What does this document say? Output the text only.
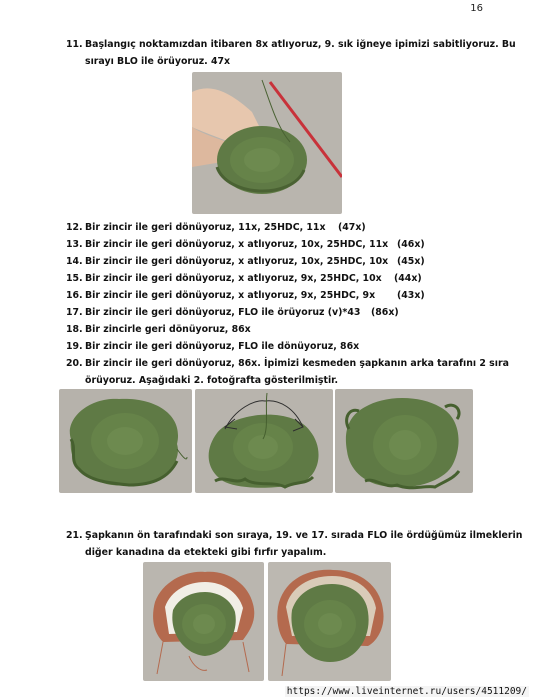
16
11. Başlangıç noktamızdan itibaren 8x atlıyoruz, 9. sık iğneye ipimizi sabitliyoruz. Bu
sırayı BLO ile örüyoruz. 47x
12. Bir zincir ile geri dönüyoruz, 11x, 25HDC, 11x (47x)
13. Bir zincir ile geri dönüyoruz, x atlıyoruz, 10x, 25HDC, 11x (46x)
14. Bir zincir ile geri dönüyoruz, x atlıyoruz, 10x, 25HDC, 10x (45x)
15. Bir zincir ile geri dönüyoruz, x atlıyoruz, 9x, 25HDC, 10x (44x)
16. Bir zincir ile geri dönüyoruz, x atlıyoruz, 9x, 25HDC, 9x (43x)
17. Bir zincir ile geri dönüyoruz, FLO ile örüyoruz (v)*43 (86x)
18. Bir zincirle geri dönüyoruz, 86x
19. Bir zincir ile geri dönüyoruz, FLO ile dönüyoruz, 86x
20. Bir zincir ile geri dönüyoruz, 86x. İpimizi kesmeden şapkanın arka tarafını 2 sıra
örüyoruz. Aşağıdaki 2. fotoğrafta gösterilmiştir.
21. Şapkanın ön tarafındaki son sıraya, 19. ve 17. sırada FLO ile ördüğümüz ilmeklerin
diğer kanadına da etekteki gibi fırfır yapalım.
https://www.liveinternet.ru/users/4511209/
